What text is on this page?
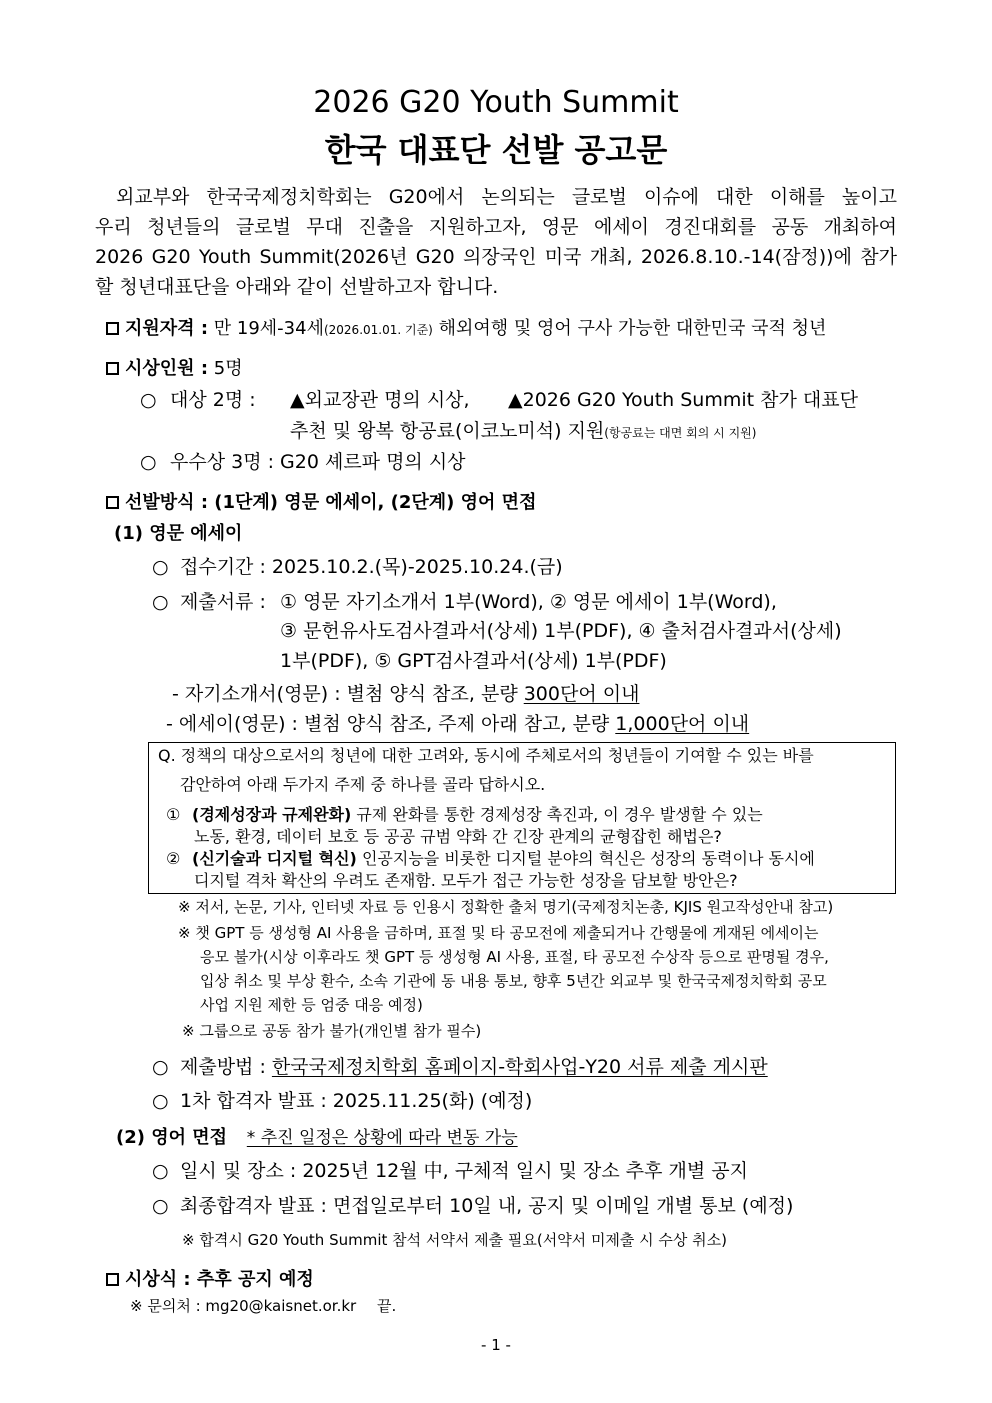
2026 G20 Youth Summit
한국 대표단 선발 공고문
외교부와 한국국제정치학회는 G20에서 논의되는 글로벌 이슈에 대한 이해를 높이고
우리 청년들의 글로벌 무대 진출을 지원하고자, 영문 에세이 경진대회를 공동 개최하여
2026 G20 Youth Summit(2026년 G20 의장국인 미국 개최, 2026.8.10.-14(잠정))에 참가
할 청년대표단을 아래와 같이 선발하고자 합니다.
지원자격 : 만 19세-34세(2026.01.01. 기준) 해외여행 및 영어 구사 가능한 대한민국 국적 청년
시상인원 : 5명
○ 대상 2명 : ▲외교장관 명의 시상, ▲2026 G20 Youth Summit 참가 대표단
추천 및 왕복 항공료(이코노미석) 지원(항공료는 대면 회의 시 지원)
○ 우수상 3명 : G20 셰르파 명의 시상
선발방식 : (1단계) 영문 에세이, (2단계) 영어 면접
(1) 영문 에세이
○ 접수기간 : 2025.10.2.(목)-2025.10.24.(금)
○ 제출서류 : ① 영문 자기소개서 1부(Word), ② 영문 에세이 1부(Word),
③ 문헌유사도검사결과서(상세) 1부(PDF), ④ 출처검사결과서(상세)
1부(PDF), ⑤ GPT검사결과서(상세) 1부(PDF)
- 자기소개서(영문) : 별첨 양식 참조, 분량 300단어 이내
- 에세이(영문) : 별첨 양식 참조, 주제 아래 참고, 분량 1,000단어 이내
Q. 정책의 대상으로서의 청년에 대한 고려와, 동시에 주체로서의 청년들이 기여할 수 있는 바를
감안하여 아래 두가지 주제 중 하나를 골라 답하시오.
① (경제성장과 규제완화) 규제 완화를 통한 경제성장 촉진과, 이 경우 발생할 수 있는
노동, 환경, 데이터 보호 등 공공 규범 약화 간 긴장 관계의 균형잡힌 해법은?
② (신기술과 디지털 혁신) 인공지능을 비롯한 디지털 분야의 혁신은 성장의 동력이나 동시에
디지털 격차 확산의 우려도 존재함. 모두가 접근 가능한 성장을 담보할 방안은?
※ 저서, 논문, 기사, 인터넷 자료 등 인용시 정확한 출처 명기(국제정치논총, KJIS 원고작성안내 참고)
※ 챗 GPT 등 생성형 AI 사용을 금하며, 표절 및 타 공모전에 제출되거나 간행물에 게재된 에세이는
응모 불가(시상 이후라도 챗 GPT 등 생성형 AI 사용, 표절, 타 공모전 수상작 등으로 판명될 경우,
입상 취소 및 부상 환수, 소속 기관에 동 내용 통보, 향후 5년간 외교부 및 한국국제정치학회 공모
사업 지원 제한 등 엄중 대응 예정)
※ 그룹으로 공동 참가 불가(개인별 참가 필수)
○ 제출방법 : 한국국제정치학회 홈페이지-학회사업-Y20 서류 제출 게시판
○ 1차 합격자 발표 : 2025.11.25(화) (예정)
(2) 영어 면접 * 추진 일정은 상황에 따라 변동 가능
○ 일시 및 장소 : 2025년 12월 中, 구체적 일시 및 장소 추후 개별 공지
○ 최종합격자 발표 : 면접일로부터 10일 내, 공지 및 이메일 개별 통보 (예정)
※ 합격시 G20 Youth Summit 참석 서약서 제출 필요(서약서 미제출 시 수상 취소)
시상식 : 추후 공지 예정
※ 문의처 : mg20@kaisnet.or.kr 끝.
- 1 -
